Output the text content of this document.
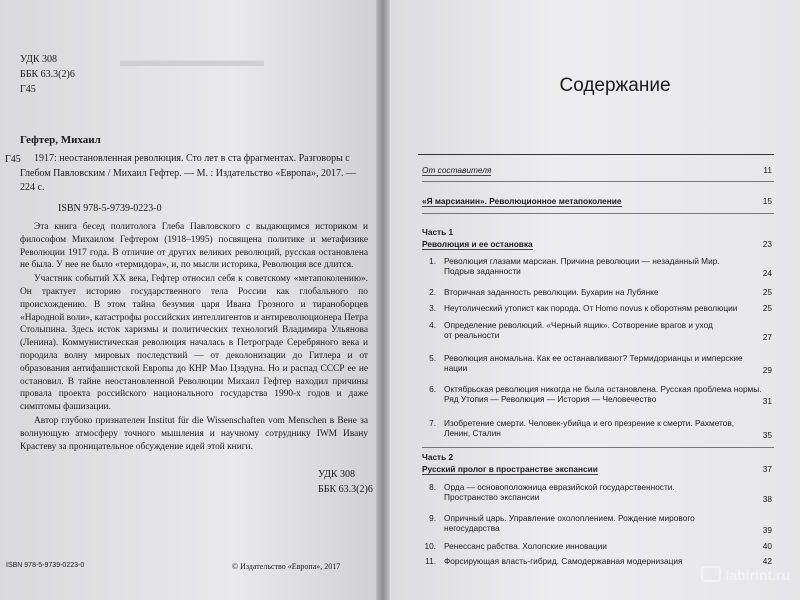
▬▬▬▬▬▬▬▬
УДК 308
ББК 63.3(2)6
Г45
Гефтер, Михаил
Г45	1917: неостановленная революция. Сто лет в ста фрагментах. Разговоры с Глебом Павловским / Михаил Гефтер. — М. : Издательство «Европа», 2017. — 224 с.
ISBN 978-5-9739-0223-0

Эта книга бесед политолога Глеба Павловского с выдающимся историком и философом Михаилом Гефтером (1918–1995) посвящена политике и метафизике Революции 1917 года. В отличие от других великих революций, русская остановлена не была. У нее не было «термидора», и, по мысли историка, Революция все длится.

Участник событий XX века, Гефтер относил себя к советскому «метапоколению». Он трактует историю государственного тела России как глобального по происхождению. В этом тайна безумия царя Ивана Грозного и тираноборцев «Народной воли», катастрофы российских интеллигентов и антиреволюционера Петра Столыпина. Здесь исток харизмы и политических технологий Владимира Ульянова (Ленина). Коммунистическая революция началась в Петрограде Серебряного века и породила волну мировых последствий — от деколонизации до Гитлера и от образования антифашистской Европы до КНР Мао Цзэдуна. Но и распад СССР ее не остановил. В тайне неостановленной Революции Михаил Гефтер находил причины провала проекта российского национального государства 1990-х годов и даже симптомы фашизации.

Автор глубоко признателен Institut für die Wissenschaften vom Menschen в Вене за волнующую атмосферу точного мышления и научному сотруднику IWM Ивану Крастеву за проницательное обсуждение идей этой книги.

УДК 308
ББК 63.3(2)6
ISBN 978-5-9739-0223-0	© Издательство «Европа», 2017
Содержание
От составителя	11
«Я марсианин». Революционное метапоколение	15
Часть 1
Революция и ее остановка	23
1. Революция глазами марсиан. Причина революции — незаданный Мир.
Подрыв заданности	24
2. Вторичная заданность революции. Бухарин на Лубянке	25
3. Неутолический утопист как порода. От Homo novus к оборотням революции	25
4. Определение революций. «Черный ящик». Сотворение врагов и уход
от реальности	27
5. Революция аномальна. Как ее останавливают? Термидорианцы и имперские
нации	29
6. Октябрьская революция никогда не была остановлена. Русская проблема нормы.
Ряд Утопия — Революция — История — Человечество	31
7. Изобретение смерти. Человек-убийца и его презрение к смерти. Рахметов,
Ленин, Сталин	35
Часть 2
Русский пролог в пространстве экспансии	37
8. Орда — основоположница евразийской государственности.
Пространство экспансии	38
9. Опричный царь. Управление охолоплением. Рождение мирового
негосударства	39
10. Ренессанс рабства. Холопские инновации	40
11. Форсирующая власть-гибрид. Самодержавная модернизация	42
labirint.ru
